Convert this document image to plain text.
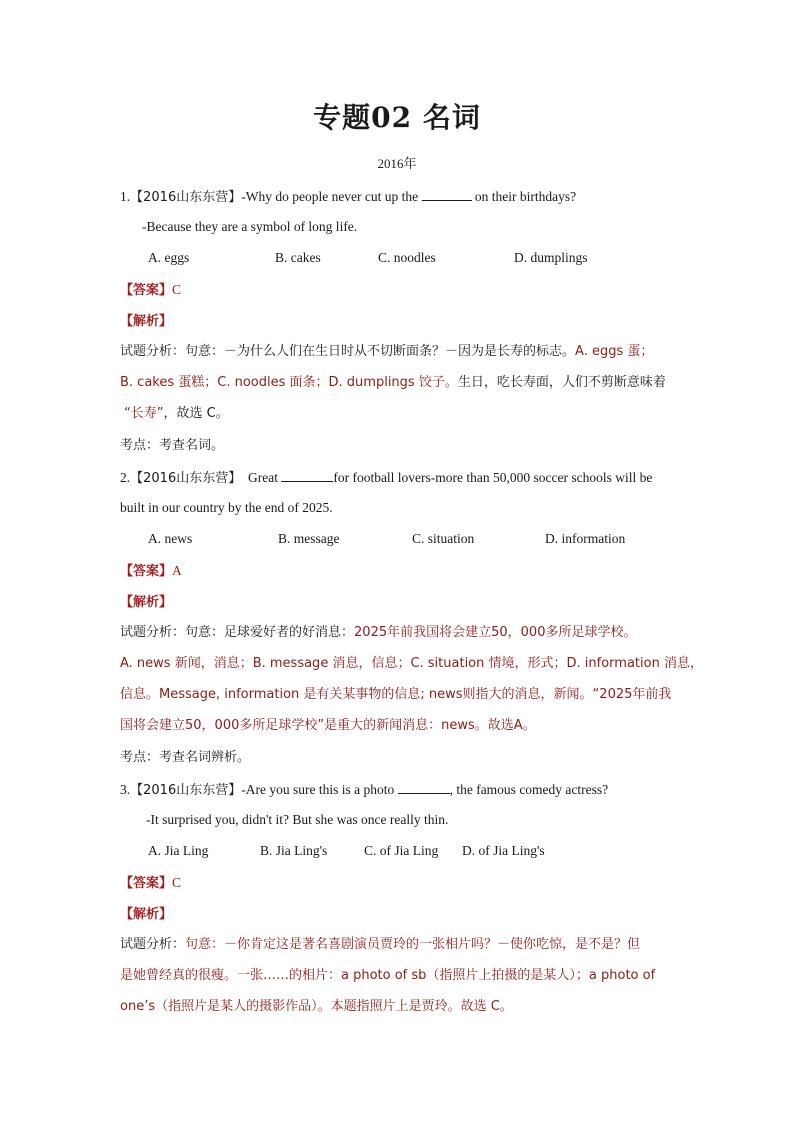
专题02 名词
2016年
1.【2016山东东营】-Why do people never cut up the	on their birthdays?
-Because they are a symbol of long life.
A. eggs	B. cakes	C. noodles	D. dumplings
【答案】C
【解析】
试题分析：句意：－为什么人们在生日时从不切断面条？－因为是长寿的标志。A. eggs 蛋；
B. cakes 蛋糕；C. noodles 面条；D. dumplings 饺子。生日，吃长寿面，人们不剪断意味着
“长寿”，故选 C。
考点：考查名词。
2.【2016山东东营】 Great	for football lovers-more than 50,000 soccer schools will be
built in our country by the end of 2025.
A. news	B. message	C. situation	D. information
【答案】A
【解析】
试题分析：句意：足球爱好者的好消息：2025年前我国将会建立50，000多所足球学校。
A. news 新闻，消息；B. message 消息，信息；C. situation 情境，形式；D. information 消息，
信息。Message, information 是有关某事物的信息; news则指大的消息，新闻。“2025年前我
国将会建立50，000多所足球学校”是重大的新闻消息：news。故选A。
考点：考查名词辨析。
3.【2016山东东营】-Are you sure this is a photo	, the famous comedy actress?
-It surprised you, didn't it? But she was once really thin.
A. Jia Ling	B. Jia Ling's	C. of Jia Ling D. of Jia Ling's
【答案】C
【解析】
试题分析：句意：－你肯定这是著名喜剧演员贾玲的一张相片吗？－使你吃惊，是不是？但
是她曾经真的很瘦。一张……的相片：a photo of sb（指照片上拍摄的是某人）；a photo of
one’s（指照片是某人的摄影作品）。本题指照片上是贾玲。故选 C。
